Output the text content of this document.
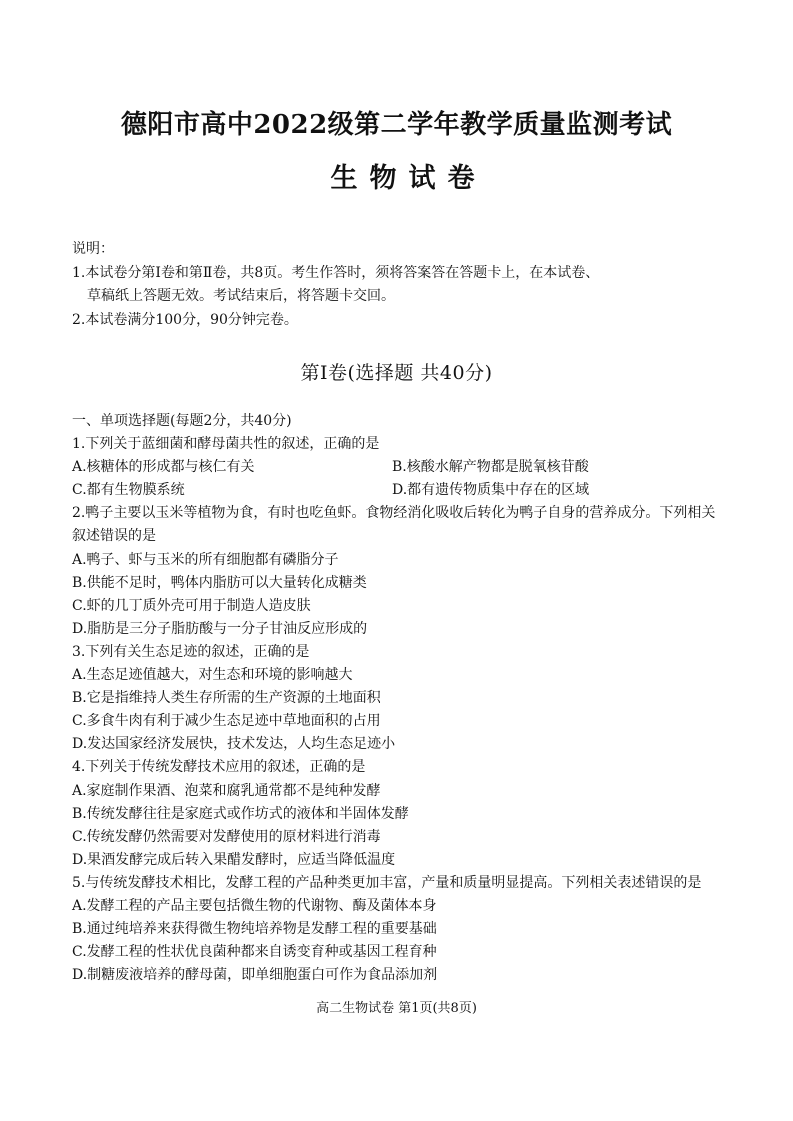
德阳市高中2022级第二学年教学质量监测考试
生物试卷
说明：
1.本试卷分第Ⅰ卷和第Ⅱ卷，共8页。考生作答时，须将答案答在答题卡上，在本试卷、
草稿纸上答题无效。考试结束后，将答题卡交回。
2.本试卷满分100分，90分钟完卷。
第Ⅰ卷(选择题 共40分)
一、单项选择题(每题2分，共40分)
1.下列关于蓝细菌和酵母菌共性的叙述，正确的是
A.核糖体的形成都与核仁有关	B.核酸水解产物都是脱氧核苷酸
C.都有生物膜系统	D.都有遗传物质集中存在的区域
2.鸭子主要以玉米等植物为食，有时也吃鱼虾。食物经消化吸收后转化为鸭子自身的营养成分。下列相关叙述错误的是
A.鸭子、虾与玉米的所有细胞都有磷脂分子
B.供能不足时，鸭体内脂肪可以大量转化成糖类
C.虾的几丁质外壳可用于制造人造皮肤
D.脂肪是三分子脂肪酸与一分子甘油反应形成的
3.下列有关生态足迹的叙述，正确的是
A.生态足迹值越大，对生态和环境的影响越大
B.它是指维持人类生存所需的生产资源的土地面积
C.多食牛肉有利于减少生态足迹中草地面积的占用
D.发达国家经济发展快，技术发达，人均生态足迹小
4.下列关于传统发酵技术应用的叙述，正确的是
A.家庭制作果酒、泡菜和腐乳通常都不是纯种发酵
B.传统发酵往往是家庭式或作坊式的液体和半固体发酵
C.传统发酵仍然需要对发酵使用的原材料进行消毒
D.果酒发酵完成后转入果醋发酵时，应适当降低温度
5.与传统发酵技术相比，发酵工程的产品种类更加丰富，产量和质量明显提高。下列相关表述错误的是
A.发酵工程的产品主要包括微生物的代谢物、酶及菌体本身
B.通过纯培养来获得微生物纯培养物是发酵工程的重要基础
C.发酵工程的性状优良菌种都来自诱变育种或基因工程育种
D.制糖废液培养的酵母菌，即单细胞蛋白可作为食品添加剂
高二生物试卷 第1页(共8页)
